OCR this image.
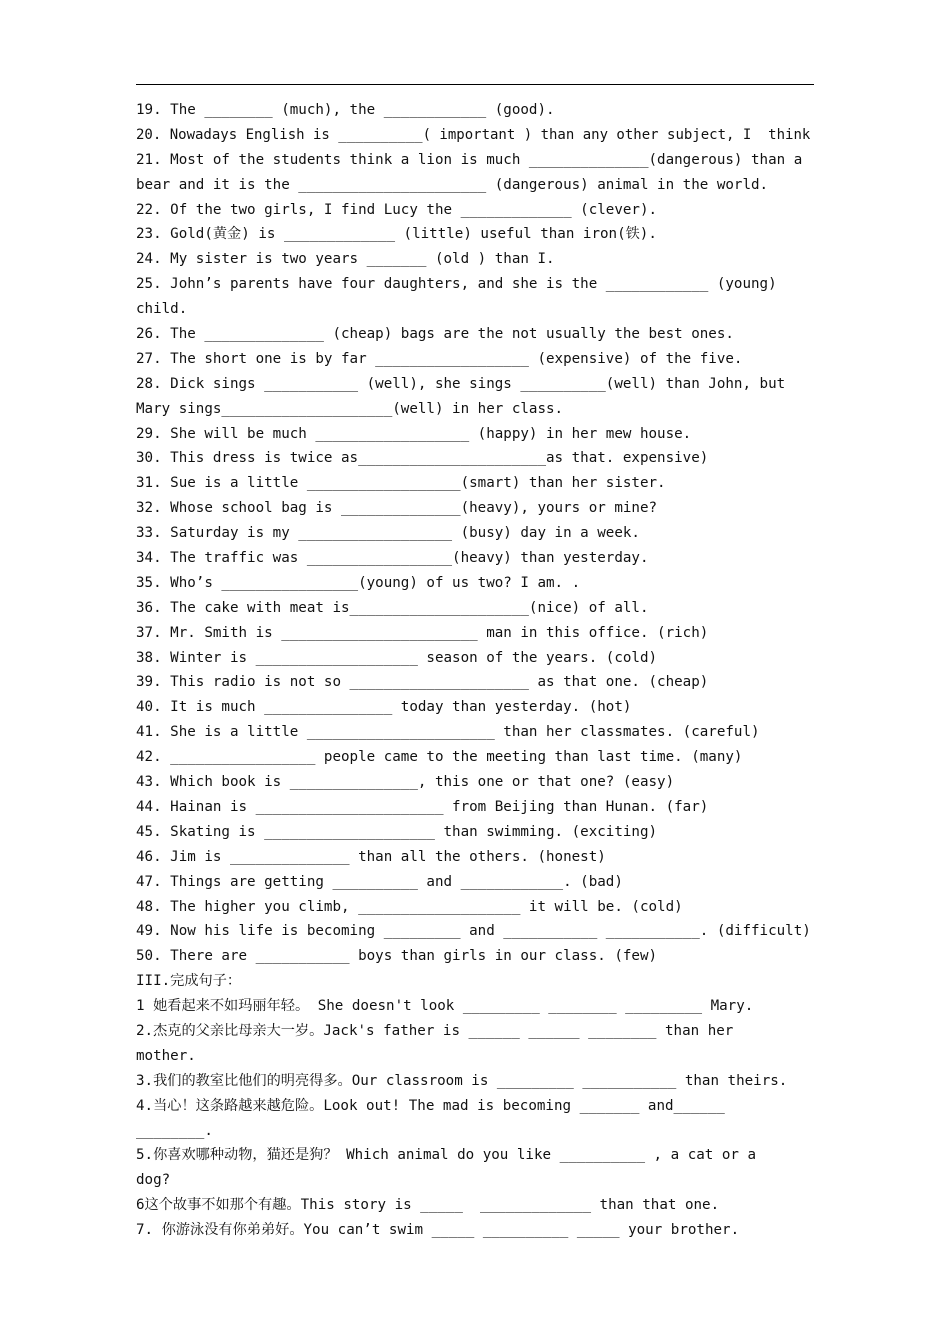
19. The ________ (much), the ____________ (good).
20. Nowadays English is __________( important ) than any other subject, I  think
21. Most of the students think a lion is much ______________(dangerous) than a
bear and it is the ______________________ (dangerous) animal in the world.
22. Of the two girls, I find Lucy the _____________ (clever).
23. Gold(黄金) is _____________ (little) useful than iron(铁).
24. My sister is two years _______ (old ) than I.
25. John’s parents have four daughters, and she is the ____________ (young)
child.
26. The ______________ (cheap) bags are the not usually the best ones.
27. The short one is by far __________________ (expensive) of the five.
28. Dick sings ___________ (well), she sings __________(well) than John, but
Mary sings____________________(well) in her class.
29. She will be much __________________ (happy) in her mew house.
30. This dress is twice as______________________as that. expensive)
31. Sue is a little __________________(smart) than her sister.
32. Whose school bag is ______________(heavy), yours or mine?
33. Saturday is my __________________ (busy) day in a week.
34. The traffic was _________________(heavy) than yesterday.
35. Who’s ________________(young) of us two? I am. .
36. The cake with meat is_____________________(nice) of all.
37. Mr. Smith is _______________________ man in this office. (rich)
38. Winter is ___________________ season of the years. (cold)
39. This radio is not so _____________________ as that one. (cheap)
40. It is much _______________ today than yesterday. (hot)
41. She is a little ______________________ than her classmates. (careful)
42. _________________ people came to the meeting than last time. (many)
43. Which book is _______________, this one or that one? (easy)
44. Hainan is ______________________ from Beijing than Hunan. (far)
45. Skating is ____________________ than swimming. (exciting)
46. Jim is ______________ than all the others. (honest)
47. Things are getting __________ and ____________. (bad)
48. The higher you climb, ___________________ it will be. (cold)
49. Now his life is becoming _________ and ___________ ___________. (difficult)
50. There are ___________ boys than girls in our class. (few)
III.完成句子：
1 她看起来不如玛丽年轻。 She doesn't look _________ ________ _________ Mary.
2.杰克的父亲比母亲大一岁。Jack's father is ______ ______ ________ than her
mother.
3.我们的教室比他们的明亮得多。Our classroom is _________ ___________ than theirs.
4.当心！这条路越来越危险。Look out! The mad is becoming _______ and______
________.
5.你喜欢哪种动物，猫还是狗？ Which animal do you like __________ , a cat or a
dog?
6这个故事不如那个有趣。This story is _____  _____________ than that one.
7. 你游泳没有你弟弟好。You can’t swim _____ __________ _____ your brother.
